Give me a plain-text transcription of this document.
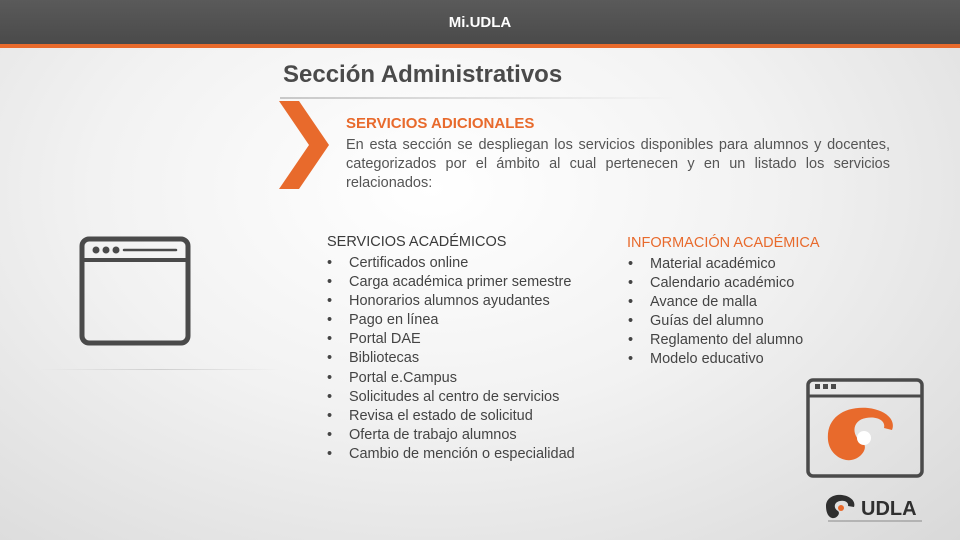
Mi.UDLA
Sección Administrativos
SERVICIOS ADICIONALES

En esta sección se despliegan los servicios disponibles para alumnos y docentes, categorizados por el ámbito al cual pertenecen y en un listado los servicios relacionados:

SERVICIOS ACADÉMICOS
• Certificados online
• Carga académica primer semestre
• Honorarios alumnos ayudantes
• Pago en línea
• Portal DAE
• Bibliotecas
• Portal e.Campus
• Solicitudes al centro de servicios
• Revisa el estado de solicitud
• Oferta de trabajo alumnos
• Cambio de mención o especialidad
INFORMACIÓN ACADÉMICA
• Material académico
• Calendario académico
• Avance de malla
• Guías del alumno
• Reglamento del alumno
• Modelo educativo
UDLA
